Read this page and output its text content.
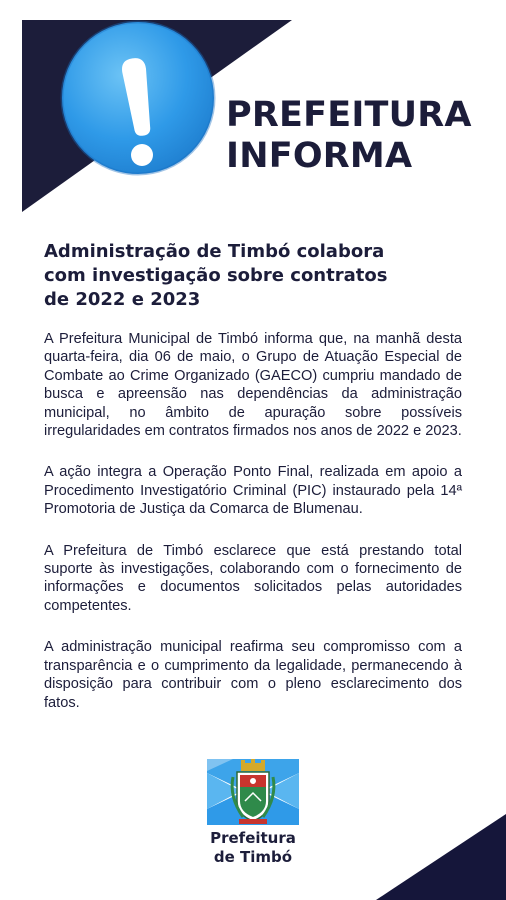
PREFEITURA
INFORMA
Administração de Timbó colabora
com investigação sobre contratos
de 2022 e 2023

A Prefeitura Municipal de Timbó informa que, na manhã desta quarta-feira, dia 06 de maio, o Grupo de Atuação Especial de Combate ao Crime Organizado (GAECO) cumpriu mandado de busca e apreensão nas dependências da administração municipal, no âmbito de apuração sobre possíveis irregularidades em contratos firmados nos anos de 2022 e 2023.

A ação integra a Operação Ponto Final, realizada em apoio a Procedimento Investigatório Criminal (PIC) instaurado pela 14ª Promotoria de Justiça da Comarca de Blumenau.

A Prefeitura de Timbó esclarece que está prestando total suporte às investigações, colaborando com o fornecimento de informações e documentos solicitados pelas autoridades competentes.

A administração municipal reafirma seu compromisso com a transparência e o cumprimento da legalidade, permanecendo à disposição para contribuir com o pleno esclarecimento dos fatos.

Prefeitura
de Timbó
